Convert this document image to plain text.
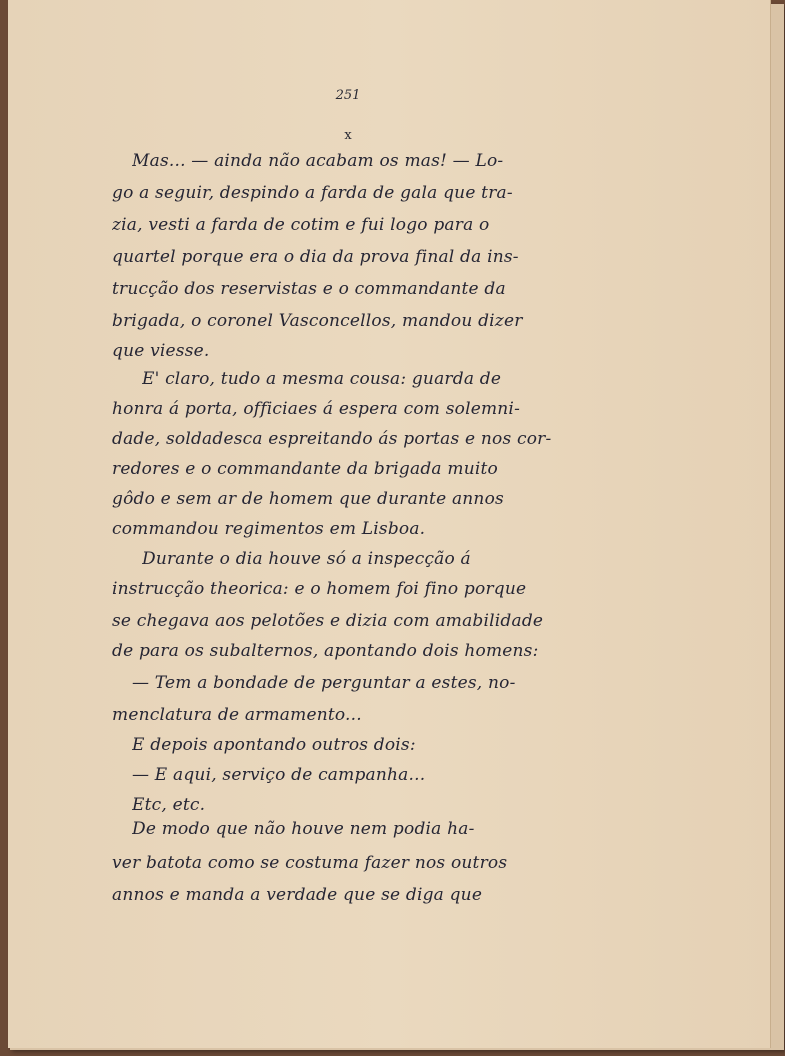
251
x
Mas... — ainda não acabam os mas! — Lo-
go a seguir, despindo a farda de gala que tra-
zia, vesti a farda de cotim e fui logo para o
quartel porque era o dia da prova final da ins-
trucção dos reservistas e o commandante da
brigada, o coronel Vasconcellos, mandou dizer
que viesse.
E' claro, tudo a mesma cousa: guarda de
honra á porta, officiaes á espera com solemni-
dade, soldadesca espreitando ás portas e nos cor-
redores e o commandante da brigada muito
gôdo e sem ar de homem que durante annos
commandou regimentos em Lisboa.
Durante o dia houve só a inspecção á
instrucção theorica: e o homem foi fino porque
se chegava aos pelotões e dizia com amabilidade
de para os subalternos, apontando dois homens:
— Tem a bondade de perguntar a estes, no-
menclatura de armamento...
E depois apontando outros dois:
— E aqui, serviço de campanha...
Etc, etc.
De modo que não houve nem podia ha-
ver batota como se costuma fazer nos outros
annos e manda a verdade que se diga que
